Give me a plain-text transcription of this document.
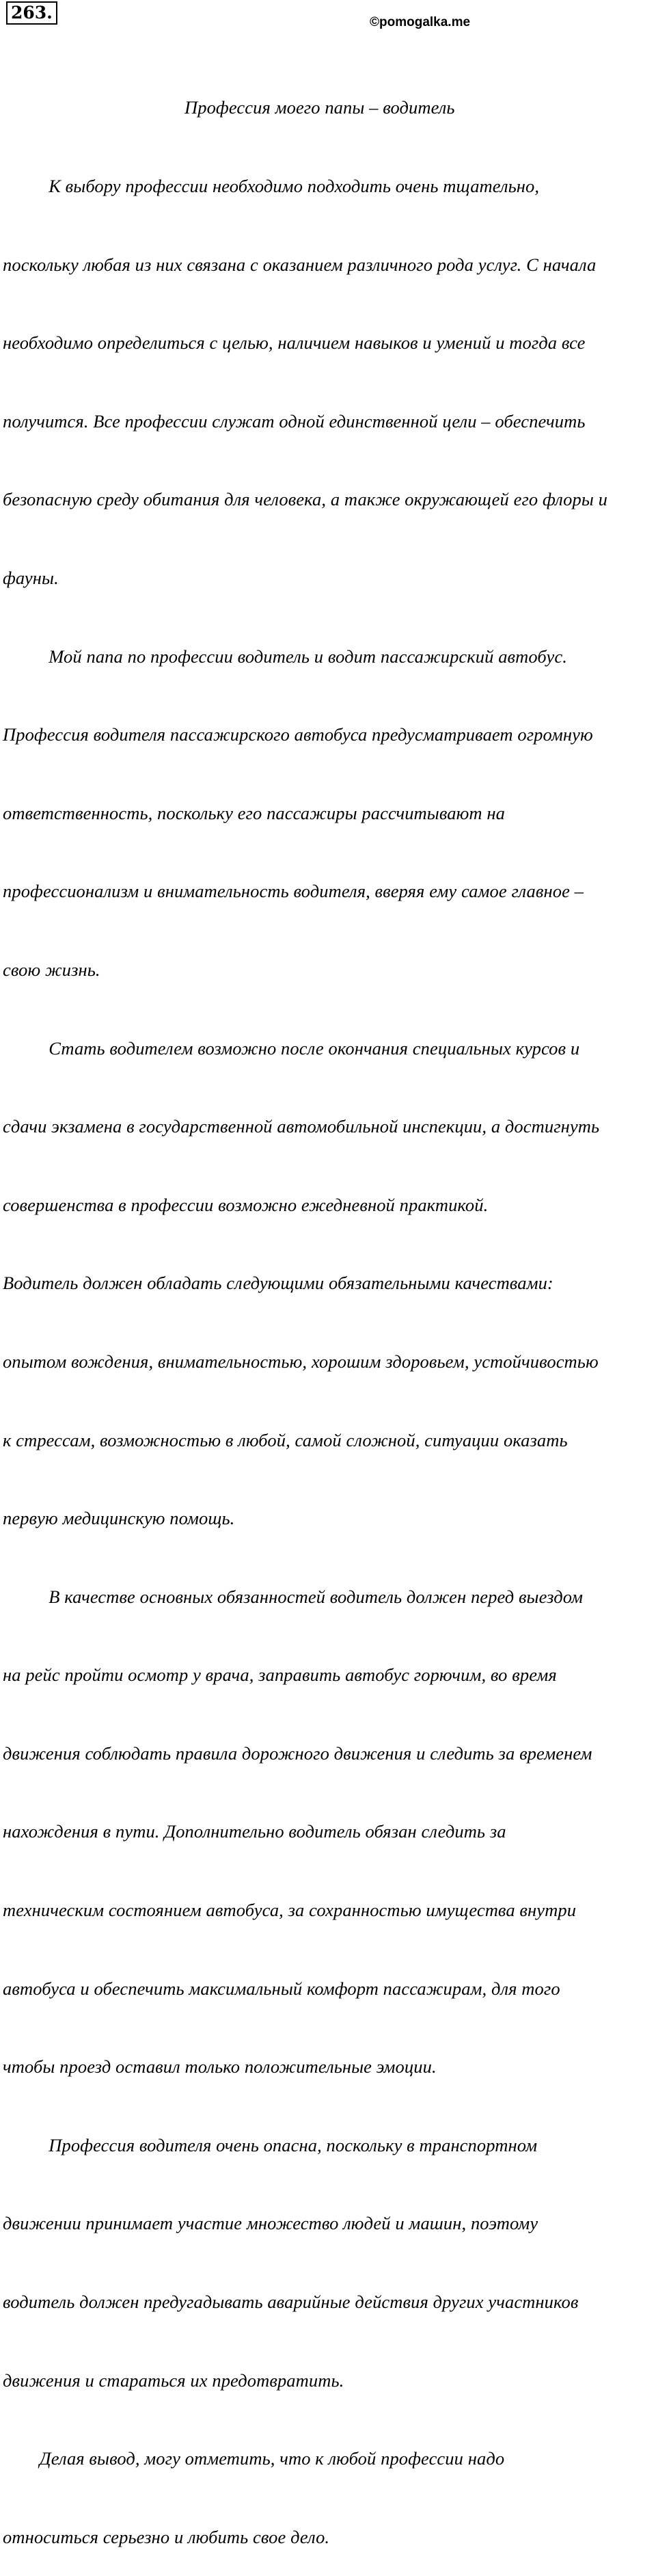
263.	©pomogalka.me

Профессия моего папы – водитель

К выбору профессии необходимо подходить очень тщательно,

поскольку любая из них связана с оказанием различного рода услуг. С начала

необходимо определиться с целью, наличием навыков и умений и тогда все

получится. Все профессии служат одной единственной цели – обеспечить

безопасную среду обитания для человека, а также окружающей его флоры и

фауны.

Мой папа по профессии водитель и водит пассажирский автобус.

Профессия водителя пассажирского автобуса предусматривает огромную

ответственность, поскольку его пассажиры рассчитывают на

профессионализм и внимательность водителя, вверяя ему самое главное –

свою жизнь.

Стать водителем возможно после окончания специальных курсов и

сдачи экзамена в государственной автомобильной инспекции, а достигнуть

совершенства в профессии возможно ежедневной практикой.

Водитель должен обладать следующими обязательными качествами:

опытом вождения, внимательностью, хорошим здоровьем, устойчивостью

к стрессам, возможностью в любой, самой сложной, ситуации оказать

первую медицинскую помощь.

В качестве основных обязанностей водитель должен перед выездом

на рейс пройти осмотр у врача, заправить автобус горючим, во время

движения соблюдать правила дорожного движения и следить за временем

нахождения в пути. Дополнительно водитель обязан следить за

техническим состоянием автобуса, за сохранностью имущества внутри

автобуса и обеспечить максимальный комфорт пассажирам, для того

чтобы проезд оставил только положительные эмоции.

Профессия водителя очень опасна, поскольку в транспортном

движении принимает участие множество людей и машин, поэтому

водитель должен предугадывать аварийные действия других участников

движения и стараться их предотвратить.

Делая вывод, могу отметить, что к любой профессии надо

относиться серьезно и любить свое дело.
